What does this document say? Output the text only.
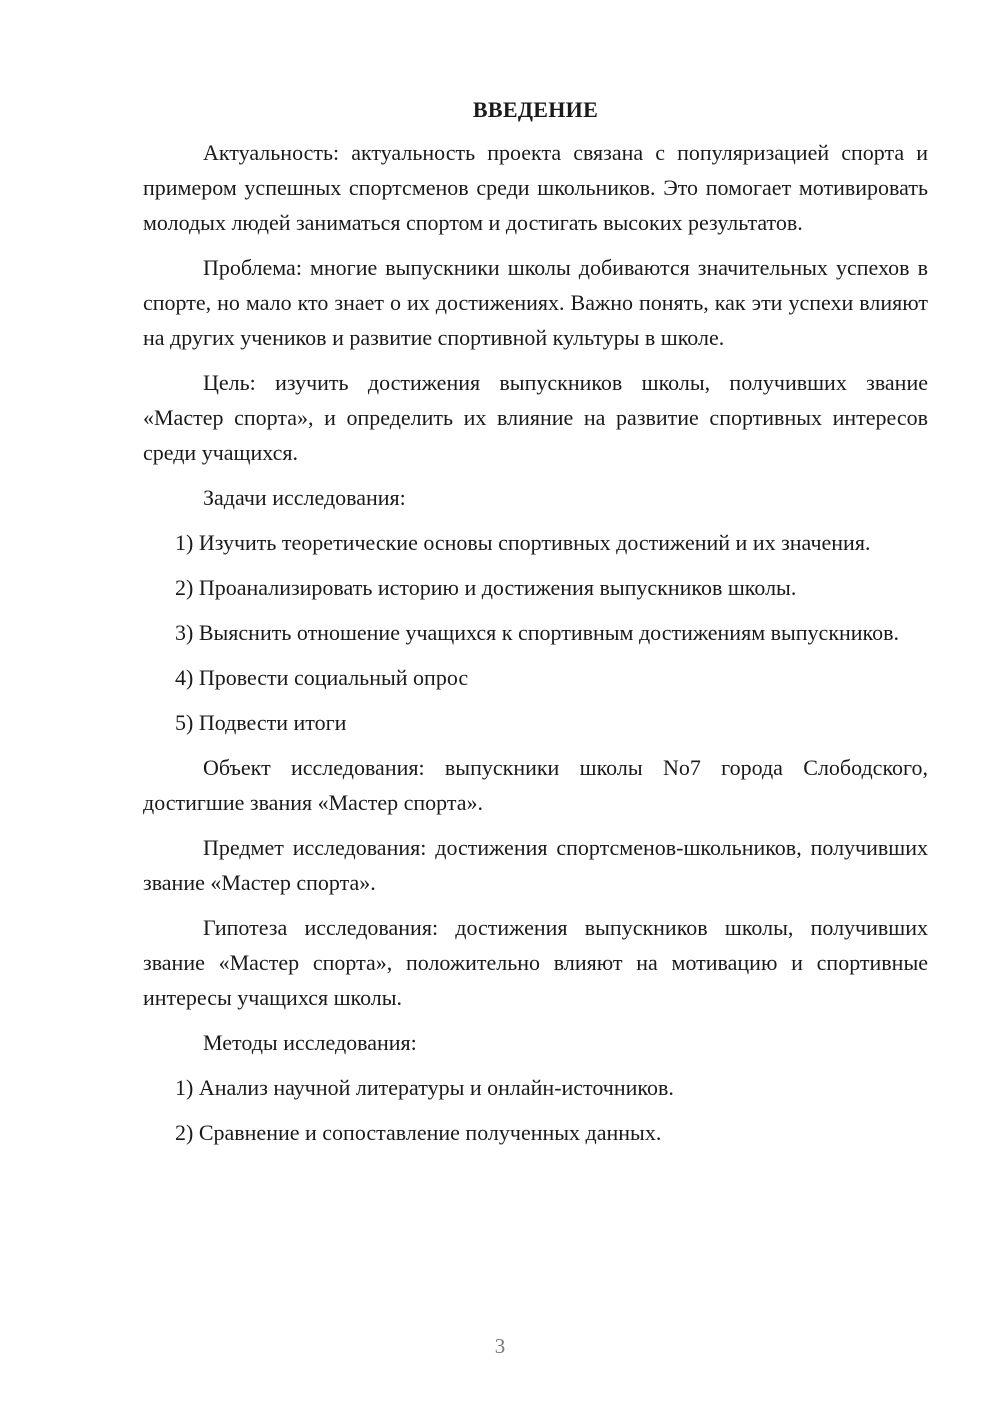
ВВЕДЕНИЕ

Актуальность: актуальность проекта связана с популяризацией спорта и примером успешных спортсменов среди школьников. Это помогает мотивировать молодых людей заниматься спортом и достигать высоких результатов.

Проблема: многие выпускники школы добиваются значительных успехов в спорте, но мало кто знает о их достижениях. Важно понять, как эти успехи влияют на других учеников и развитие спортивной культуры в школе.

Цель: изучить достижения выпускников школы, получивших звание «Мастер спорта», и определить их влияние на развитие спортивных интересов среди учащихся.

Задачи исследования:

1) Изучить теоретические основы спортивных достижений и их значения.

2) Проанализировать историю и достижения выпускников школы.

3) Выяснить отношение учащихся к спортивным достижениям выпускников.

4) Провести социальный опрос

5) Подвести итоги

Объект исследования: выпускники школы No7 города Слободского, достигшие звания «Мастер спорта».

Предмет исследования: достижения спортсменов-школьников, получивших звание «Мастер спорта».

Гипотеза исследования: достижения выпускников школы, получивших звание «Мастер спорта», положительно влияют на мотивацию и спортивные интересы учащихся школы.

Методы исследования:

1) Анализ научной литературы и онлайн-источников.

2) Сравнение и сопоставление полученных данных.

3
